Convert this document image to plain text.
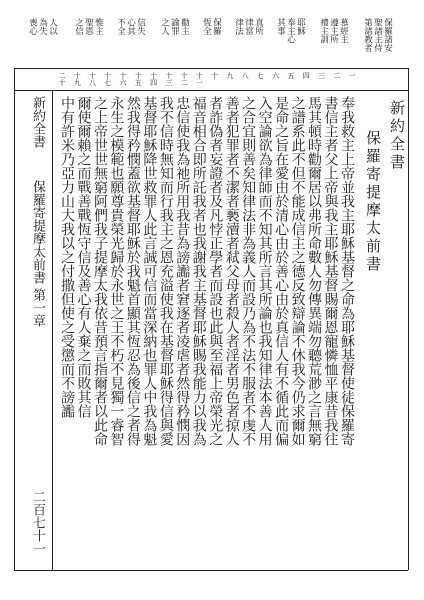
保羅諸安
聖諸主侍
第諸教者
慕經主
遵主所
禮主訓
耶穌
奉主心
其事
真所
律當
律法
保羅
恆全
勸主
諭罪
之人
信失
心其
不全
惟主
聖恩
之信
人以
為失
喪心
一
二
三
四
五
六
七
八
九
十
十一
十二
十三
十四
十五
十六
十七
十八
十九
二十
新約全書
保羅寄提摩太前書
奉我救主上帝並我主耶穌基督之命為耶穌基督使徒保羅寄
書信主者父上帝與我主耶穌基督賜爾恩寵憐恤平康昔我往
馬其頓時勸爾居以弗所命數人勿傳異端勿聽荒渺之言無窮
之譜系此不但不能成信主之德反致辯論不休我今仍求爾如
是命之旨在愛由於清心由於善心由於真信人有不循此而偏
入空論欲為律師而不知其所言其所論也我知律法本善人用
之合宜則善矣知律法非為義人而設乃為不法不服者不虔不
善者犯罪者不潔者褻瀆者弒父母者殺人者淫者男色者掠人
者詐偽者妄證者及凡悖正學者而設也此與至福上帝榮光之
福音相合即所託我者也我謝我主基督耶穌賜我能力以我為
忠信使我為祂所用我昔為謗讟者窘逐者凌虐者然得矜憫因
我不信時無知而行我主之恩充溢使我在基督耶穌得信與愛
基督耶穌降世救罪人此言誠可信而當深納也罪人中我為魁
然我得矜憫蓋欲基督耶穌於我魁首顯其恆忍為後信之者得
永生之模範也願尊貴榮光歸於永世之王不朽不見獨一睿智
之上帝世世無窮阿們我子提摩太我依昔預言指爾者以此命
爾使爾賴之而戰善戰恆守信及善心有人棄之而敗其信
中有許米乃亞力山大我以之付撒但使之受懲而不謗讟
新約全書
保羅寄提摩太前書 第一章
二百七十一
